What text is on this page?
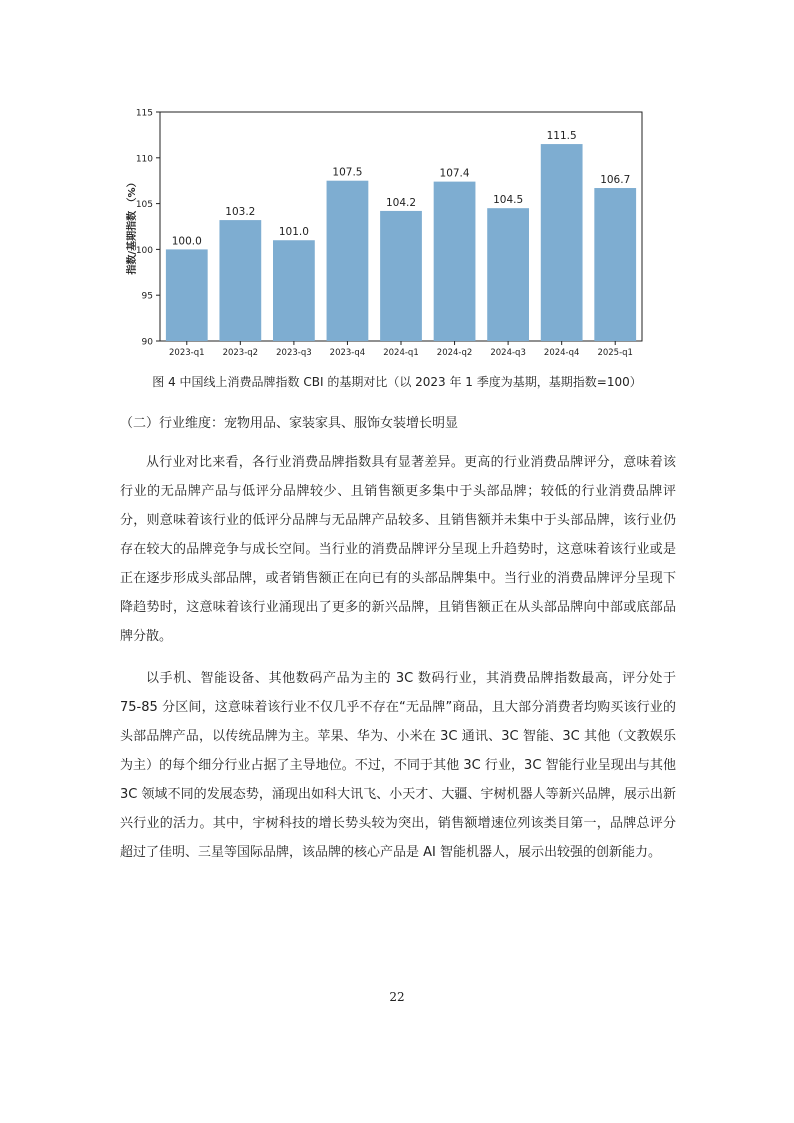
90
95
100
105
110
115
100.0
103.2
101.0
107.5
104.2
107.4
104.5
111.5
106.7
2023-q1 2023-q2 2023-q3 2023-q4 2024-q1 2024-q2 2024-q3 2024-q4 2025-q1
指数/基期指数 （%）
图 4 中国线上消费品牌指数 CBI 的基期对比（以 2023 年 1 季度为基期，基期指数=100）
（二）行业维度：宠物用品、家装家具、服饰女装增长明显

从行业对比来看，各行业消费品牌指数具有显著差异。更高的行业消费品牌评分，意味着该行业的无品牌产品与低评分品牌较少、且销售额更多集中于头部品牌；较低的行业消费品牌评分，则意味着该行业的低评分品牌与无品牌产品较多、且销售额并未集中于头部品牌，该行业仍存在较大的品牌竞争与成长空间。当行业的消费品牌评分呈现上升趋势时，这意味着该行业或是正在逐步形成头部品牌，或者销售额正在向已有的头部品牌集中。当行业的消费品牌评分呈现下降趋势时，这意味着该行业涌现出了更多的新兴品牌，且销售额正在从头部品牌向中部或底部品牌分散。

以手机、智能设备、其他数码产品为主的 3C 数码行业，其消费品牌指数最高，评分处于 75-85 分区间，这意味着该行业不仅几乎不存在“无品牌”商品，且大部分消费者均购买该行业的头部品牌产品，以传统品牌为主。苹果、华为、小米在 3C 通讯、3C 智能、3C 其他（文教娱乐为主）的每个细分行业占据了主导地位。不过，不同于其他 3C 行业，3C 智能行业呈现出与其他 3C 领域不同的发展态势，涌现出如科大讯飞、小天才、大疆、宇树机器人等新兴品牌，展示出新兴行业的活力。其中，宇树科技的增长势头较为突出，销售额增速位列该类目第一，品牌总评分超过了佳明、三星等国际品牌，该品牌的核心产品是 AI 智能机器人，展示出较强的创新能力。

22
